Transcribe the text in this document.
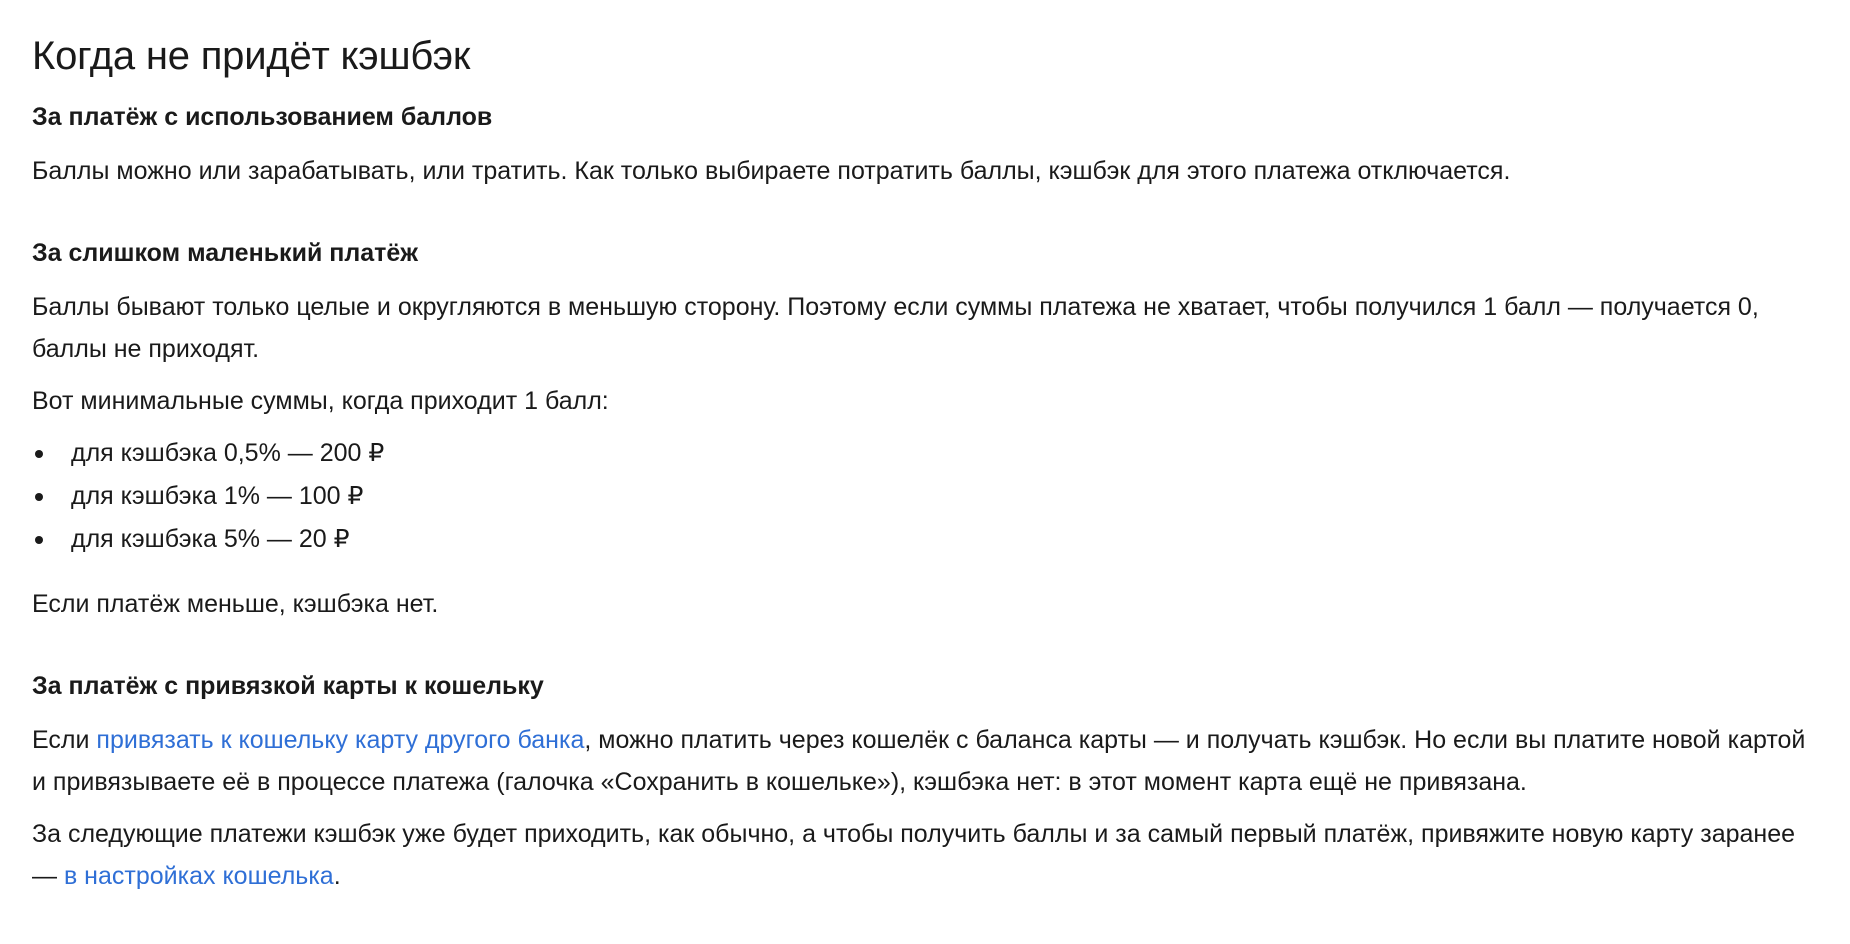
Когда не придёт кэшбэк
За платёж с использованием баллов

Баллы можно или зарабатывать, или тратить. Как только выбираете потратить баллы, кэшбэк для этого платежа отключается.

За слишком маленький платёж

Баллы бывают только целые и округляются в меньшую сторону. Поэтому если суммы платежа не хватает, чтобы получился 1 балл — получается 0, баллы не приходят.

Вот минимальные суммы, когда приходит 1 балл:

для кэшбэка 0,5% — 200 ₽
для кэшбэка 1% — 100 ₽
для кэшбэка 5% — 20 ₽

Если платёж меньше, кэшбэка нет.

За платёж с привязкой карты к кошельку

Если привязать к кошельку карту другого банка, можно платить через кошелёк с баланса карты — и получать кэшбэк. Но если вы платите новой картой и привязываете её в процессе платежа (галочка «Сохранить в кошельке»), кэшбэка нет: в этот момент карта ещё не привязана.

За следующие платежи кэшбэк уже будет приходить, как обычно, а чтобы получить баллы и за самый первый платёж, привяжите новую карту заранее — в настройках кошелька.
